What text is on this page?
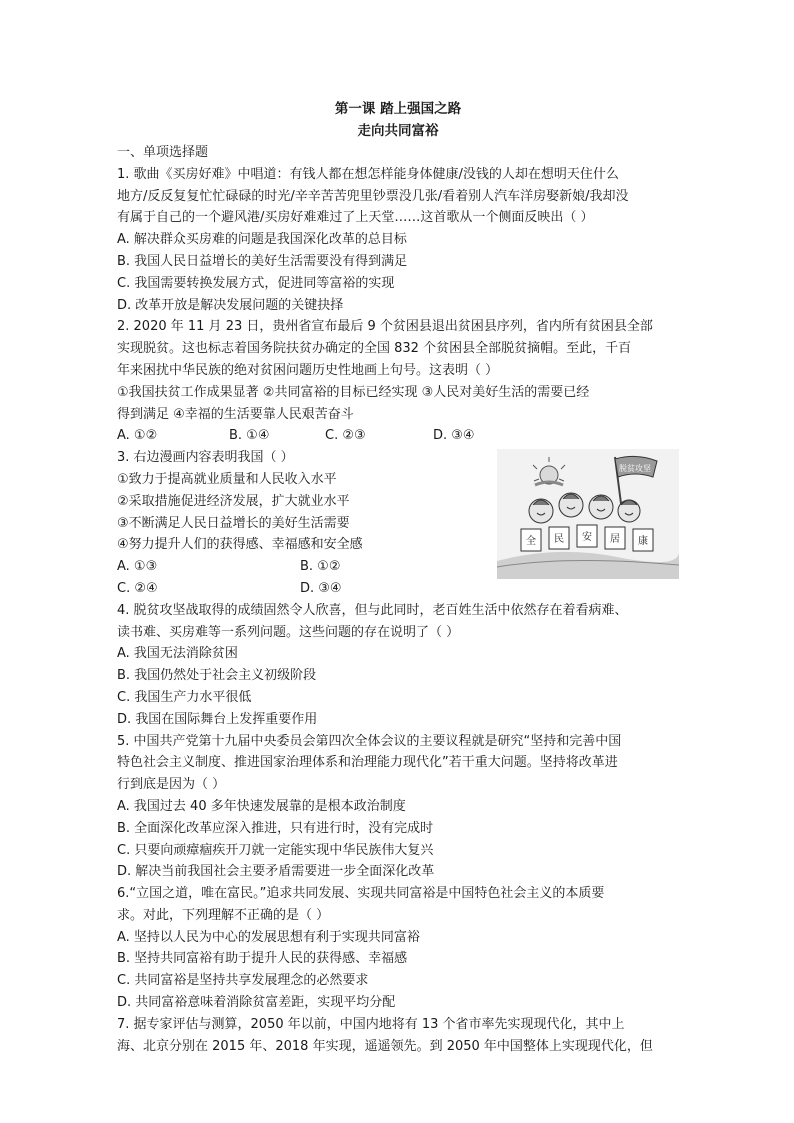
第一课 踏上强国之路
走向共同富裕
一、单项选择题
1. 歌曲《买房好难》中唱道：有钱人都在想怎样能身体健康/没钱的人却在想明天住什么
地方/反反复复忙忙碌碌的时光/辛辛苦苦兜里钞票没几张/看着别人汽车洋房娶新娘/我却没
有属于自己的一个避风港/买房好难难过了上天堂……这首歌从一个侧面反映出（ ）
A. 解决群众买房难的问题是我国深化改革的总目标
B. 我国人民日益增长的美好生活需要没有得到满足
C. 我国需要转换发展方式，促进同等富裕的实现
D. 改革开放是解决发展问题的关键抉择
2. 2020 年 11 月 23 日，贵州省宣布最后 9 个贫困县退出贫困县序列，省内所有贫困县全部
实现脱贫。这也标志着国务院扶贫办确定的全国 832 个贫困县全部脱贫摘帽。至此，千百
年来困扰中华民族的绝对贫困问题历史性地画上句号。这表明（ ）
①我国扶贫工作成果显著 ②共同富裕的目标已经实现 ③人民对美好生活的需要已经
得到满足 ④幸福的生活要靠人民艰苦奋斗
A. ①②	B. ①④	C. ②③	D. ③④
3. 右边漫画内容表明我国（ ）
①致力于提高就业质量和人民收入水平
②采取措施促进经济发展，扩大就业水平
③不断满足人民日益增长的美好生活需要
④努力提升人们的获得感、幸福感和安全感
A. ①③	B. ①②
C. ②④	D. ③④
脱贫攻坚
全 民 安 居 康
4. 脱贫攻坚战取得的成绩固然令人欣喜，但与此同时，老百姓生活中依然存在着看病难、
读书难、买房难等一系列问题。这些问题的存在说明了（ ）
A. 我国无法消除贫困
B. 我国仍然处于社会主义初级阶段
C. 我国生产力水平很低
D. 我国在国际舞台上发挥重要作用
5. 中国共产党第十九届中央委员会第四次全体会议的主要议程就是研究“坚持和完善中国
特色社会主义制度、推进国家治理体系和治理能力现代化”若干重大问题。坚持将改革进
行到底是因为（ ）
A. 我国过去 40 多年快速发展靠的是根本政治制度
B. 全面深化改革应深入推进，只有进行时，没有完成时
C. 只要向顽瘴痼疾开刀就一定能实现中华民族伟大复兴
D. 解决当前我国社会主要矛盾需要进一步全面深化改革
6.“立国之道，唯在富民。”追求共同发展、实现共同富裕是中国特色社会主义的本质要
求。对此，下列理解不正确的是（ ）
A. 坚持以人民为中心的发展思想有利于实现共同富裕
B. 坚持共同富裕有助于提升人民的获得感、幸福感
C. 共同富裕是坚持共享发展理念的必然要求
D. 共同富裕意味着消除贫富差距，实现平均分配
7. 据专家评估与测算，2050 年以前，中国内地将有 13 个省市率先实现现代化，其中上
海、北京分别在 2015 年、2018 年实现，遥遥领先。到 2050 年中国整体上实现现代化，但
